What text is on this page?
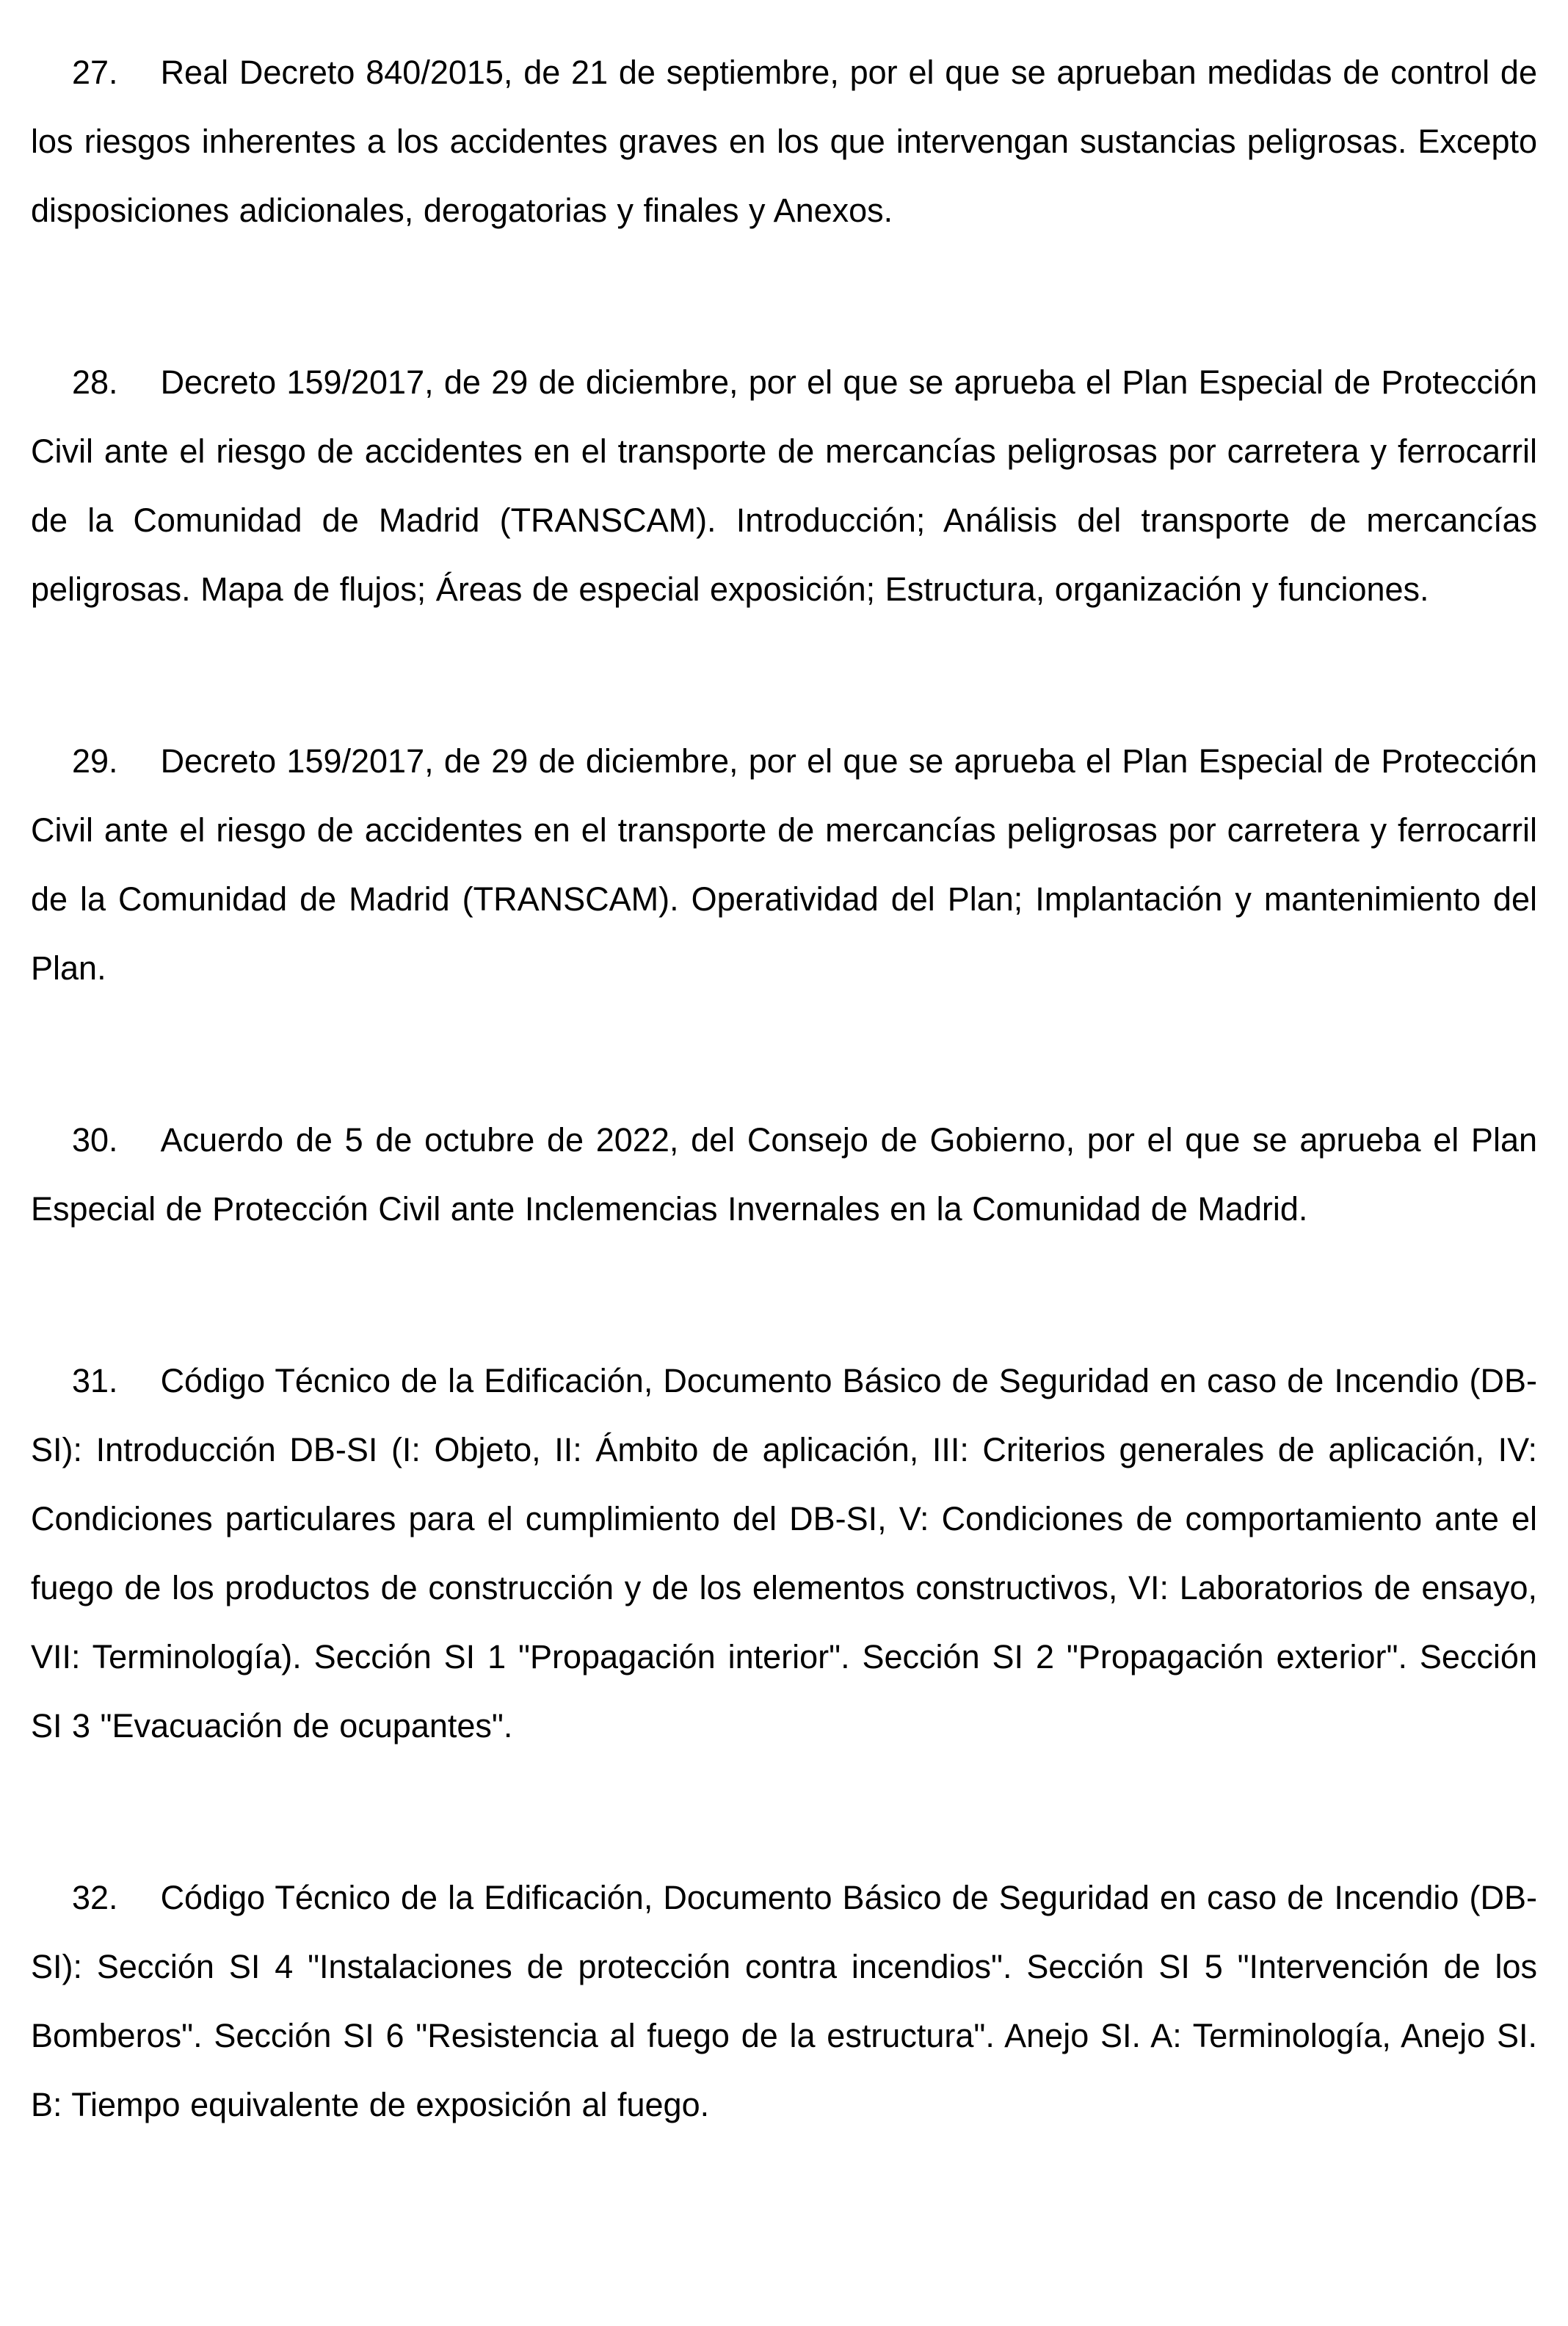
27. Real Decreto 840/2015, de 21 de septiembre, por el que se aprueban medidas de control de los riesgos inherentes a los accidentes graves en los que intervengan sustancias peligrosas. Excepto disposiciones adicionales, derogatorias y finales y Anexos.

28. Decreto 159/2017, de 29 de diciembre, por el que se aprueba el Plan Especial de Protección Civil ante el riesgo de accidentes en el transporte de mercancías peligrosas por carretera y ferrocarril de la Comunidad de Madrid (TRANSCAM). Introducción; Análisis del transporte de mercancías peligrosas. Mapa de flujos; Áreas de especial exposición; Estructura, organización y funciones.

29. Decreto 159/2017, de 29 de diciembre, por el que se aprueba el Plan Especial de Protección Civil ante el riesgo de accidentes en el transporte de mercancías peligrosas por carretera y ferrocarril de la Comunidad de Madrid (TRANSCAM). Operatividad del Plan; Implantación y mantenimiento del Plan.

30. Acuerdo de 5 de octubre de 2022, del Consejo de Gobierno, por el que se aprueba el Plan Especial de Protección Civil ante Inclemencias Invernales en la Comunidad de Madrid.

31. Código Técnico de la Edificación, Documento Básico de Seguridad en caso de Incendio (DB-SI): Introducción DB-SI (I: Objeto, II: Ámbito de aplicación, III: Criterios generales de aplicación, IV: Condiciones particulares para el cumplimiento del DB-SI, V: Condiciones de comportamiento ante el fuego de los productos de construcción y de los elementos constructivos, VI: Laboratorios de ensayo, VII: Terminología). Sección SI 1 "Propagación interior". Sección SI 2 "Propagación exterior". Sección SI 3 "Evacuación de ocupantes".

32. Código Técnico de la Edificación, Documento Básico de Seguridad en caso de Incendio (DB-SI): Sección SI 4 "Instalaciones de protección contra incendios". Sección SI 5 "Intervención de los Bomberos". Sección SI 6 "Resistencia al fuego de la estructura". Anejo SI. A: Terminología, Anejo SI. B: Tiempo equivalente de exposición al fuego.
